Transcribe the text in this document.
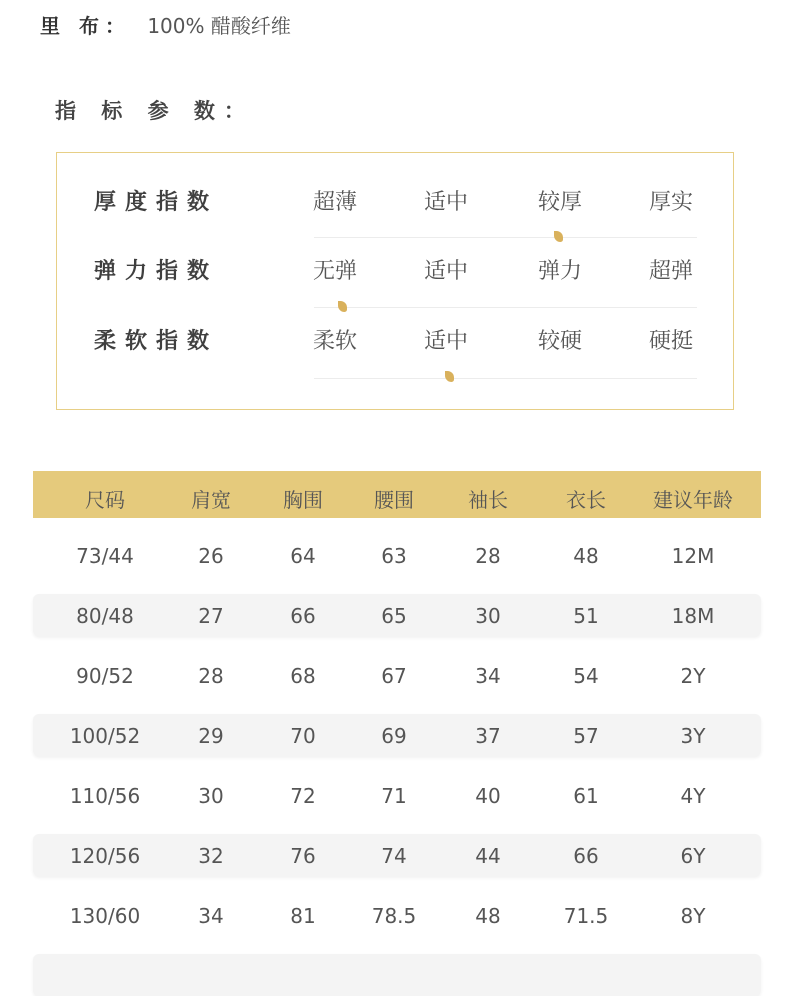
里 布： 100% 醋酸纤维
指 标 参 数：
厚度指数	超薄	适中	较厚	厚实
弹力指数	无弹	适中	弹力	超弹
柔软指数	柔软	适中	较硬	硬挺
尺码	肩宽	胸围	腰围	袖长	衣长	建议年龄
73/44	26	64	63	28	48	12M
80/48	27	66	65	30	51	18M
90/52	28	68	67	34	54	2Y
100/52	29	70	69	37	57	3Y
110/56	30	72	71	40	61	4Y
120/56	32	76	74	44	66	6Y
130/60	34	81	78.5	48	71.5	8Y
